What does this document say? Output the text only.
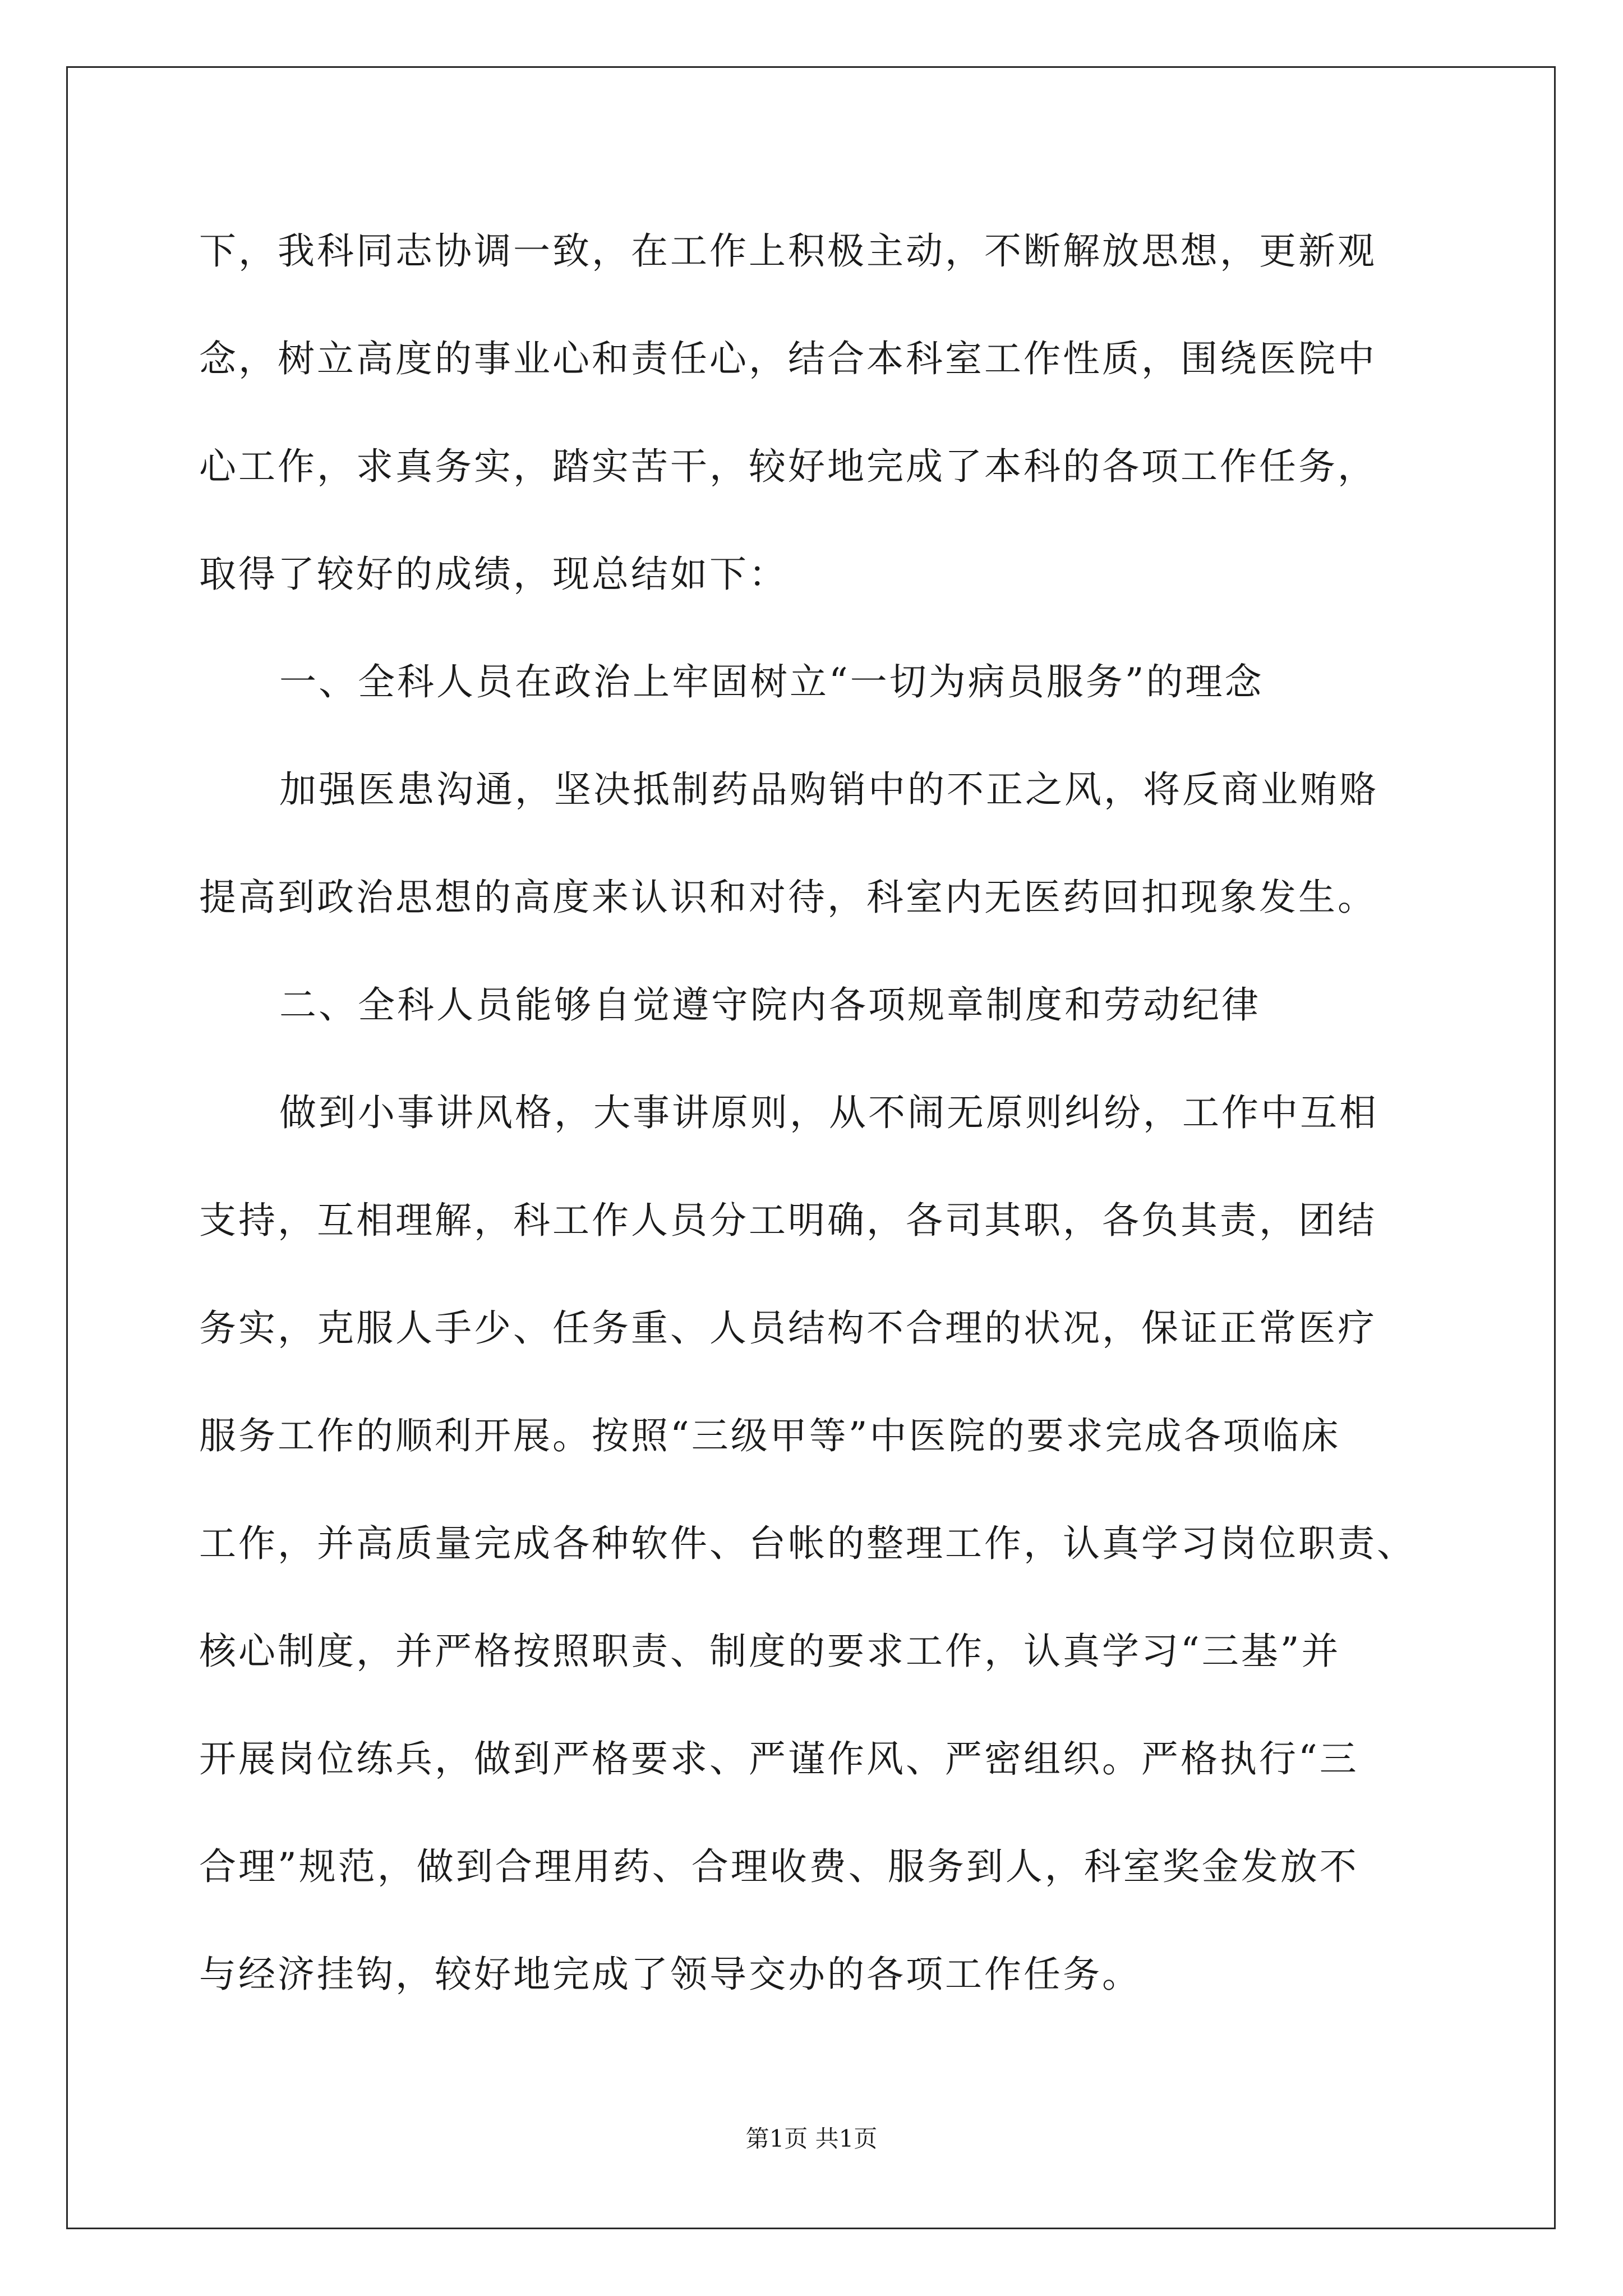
下，我科同志协调一致，在工作上积极主动，不断解放思想，更新观
念，树立高度的事业心和责任心，结合本科室工作性质，围绕医院中
心工作，求真务实，踏实苦干，较好地完成了本科的各项工作任务，
取得了较好的成绩，现总结如下：
一、全科人员在政治上牢固树立“一切为病员服务”的理念
加强医患沟通，坚决抵制药品购销中的不正之风，将反商业贿赂
提高到政治思想的高度来认识和对待，科室内无医药回扣现象发生。
二、全科人员能够自觉遵守院内各项规章制度和劳动纪律
做到小事讲风格，大事讲原则，从不闹无原则纠纷，工作中互相
支持，互相理解，科工作人员分工明确，各司其职，各负其责，团结
务实，克服人手少、任务重、人员结构不合理的状况，保证正常医疗
服务工作的顺利开展。按照“三级甲等”中医院的要求完成各项临床
工作，并高质量完成各种软件、台帐的整理工作，认真学习岗位职责、
核心制度，并严格按照职责、制度的要求工作，认真学习“三基”并
开展岗位练兵，做到严格要求、严谨作风、严密组织。严格执行“三
合理”规范，做到合理用药、合理收费、服务到人，科室奖金发放不
与经济挂钩，较好地完成了领导交办的各项工作任务。
第1页 共1页
